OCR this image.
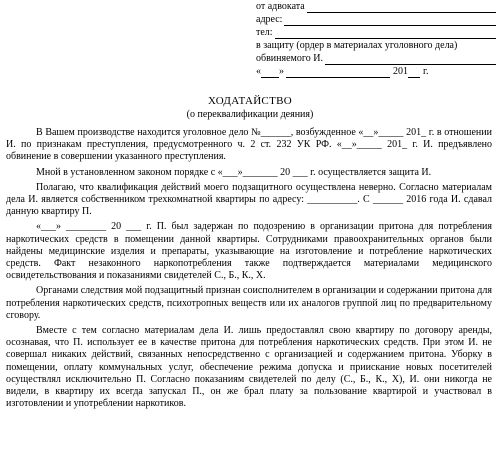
от адвоката
адрес:
тел:
в защиту (ордер в материалах уголовного дела)
обвиняемого И.
« »	201 г.
ХОДАТАЙСТВО
(о переквалификации деяния)

В Вашем производстве находится уголовное дело №______, возбужденное «__»_____ 201_ г. в отношении И. по признакам преступления, предусмотренного ч. 2 ст. 232 УК РФ. «__»_____ 201_ г. И. предъявлено обвинение в совершении указанного преступления.

Мной в установленном законом порядке с «___»_______ 20 ___ г. осуществляется защита И.

Полагаю, что квалификация действий моего подзащитного осуществлена неверно. Согласно материалам дела И. является собственником трехкомнатной квартиры по адресу: __________. С ______ 2016 года И. сдавал данную квартиру П.

«___» ________ 20 ___ г. П. был задержан по подозрению в организации притона для потребления наркотических средств в помещении данной квартиры. Сотрудниками правоохранительных органов были найдены медицинские изделия и препараты, указывающие на изготовление и потребление наркотических средств. Факт незаконного наркопотребления также подтверждается материалами медицинского освидетельствования и показаниями свидетелей С., Б., К., Х.

Органами следствия мой подзащитный признан соисполнителем в организации и содержании притона для потребления наркотических средств, психотропных веществ или их аналогов группой лиц по предварительному сговору.

Вместе с тем согласно материалам дела И. лишь предоставлял свою квартиру по договору аренды, осознавая, что П. использует ее в качестве притона для потребления наркотических средств. При этом И. не совершал никаких действий, связанных непосредственно с организацией и содержанием притона. Уборку в помещении, оплату коммунальных услуг, обеспечение режима допуска и приискание новых посетителей осуществлял исключительно П. Согласно показаниям свидетелей по делу (С., Б., К., Х), И. они никогда не видели, в квартиру их всегда запускал П., он же брал плату за пользование квартирой и участвовал в изготовлении и употреблении наркотиков.
